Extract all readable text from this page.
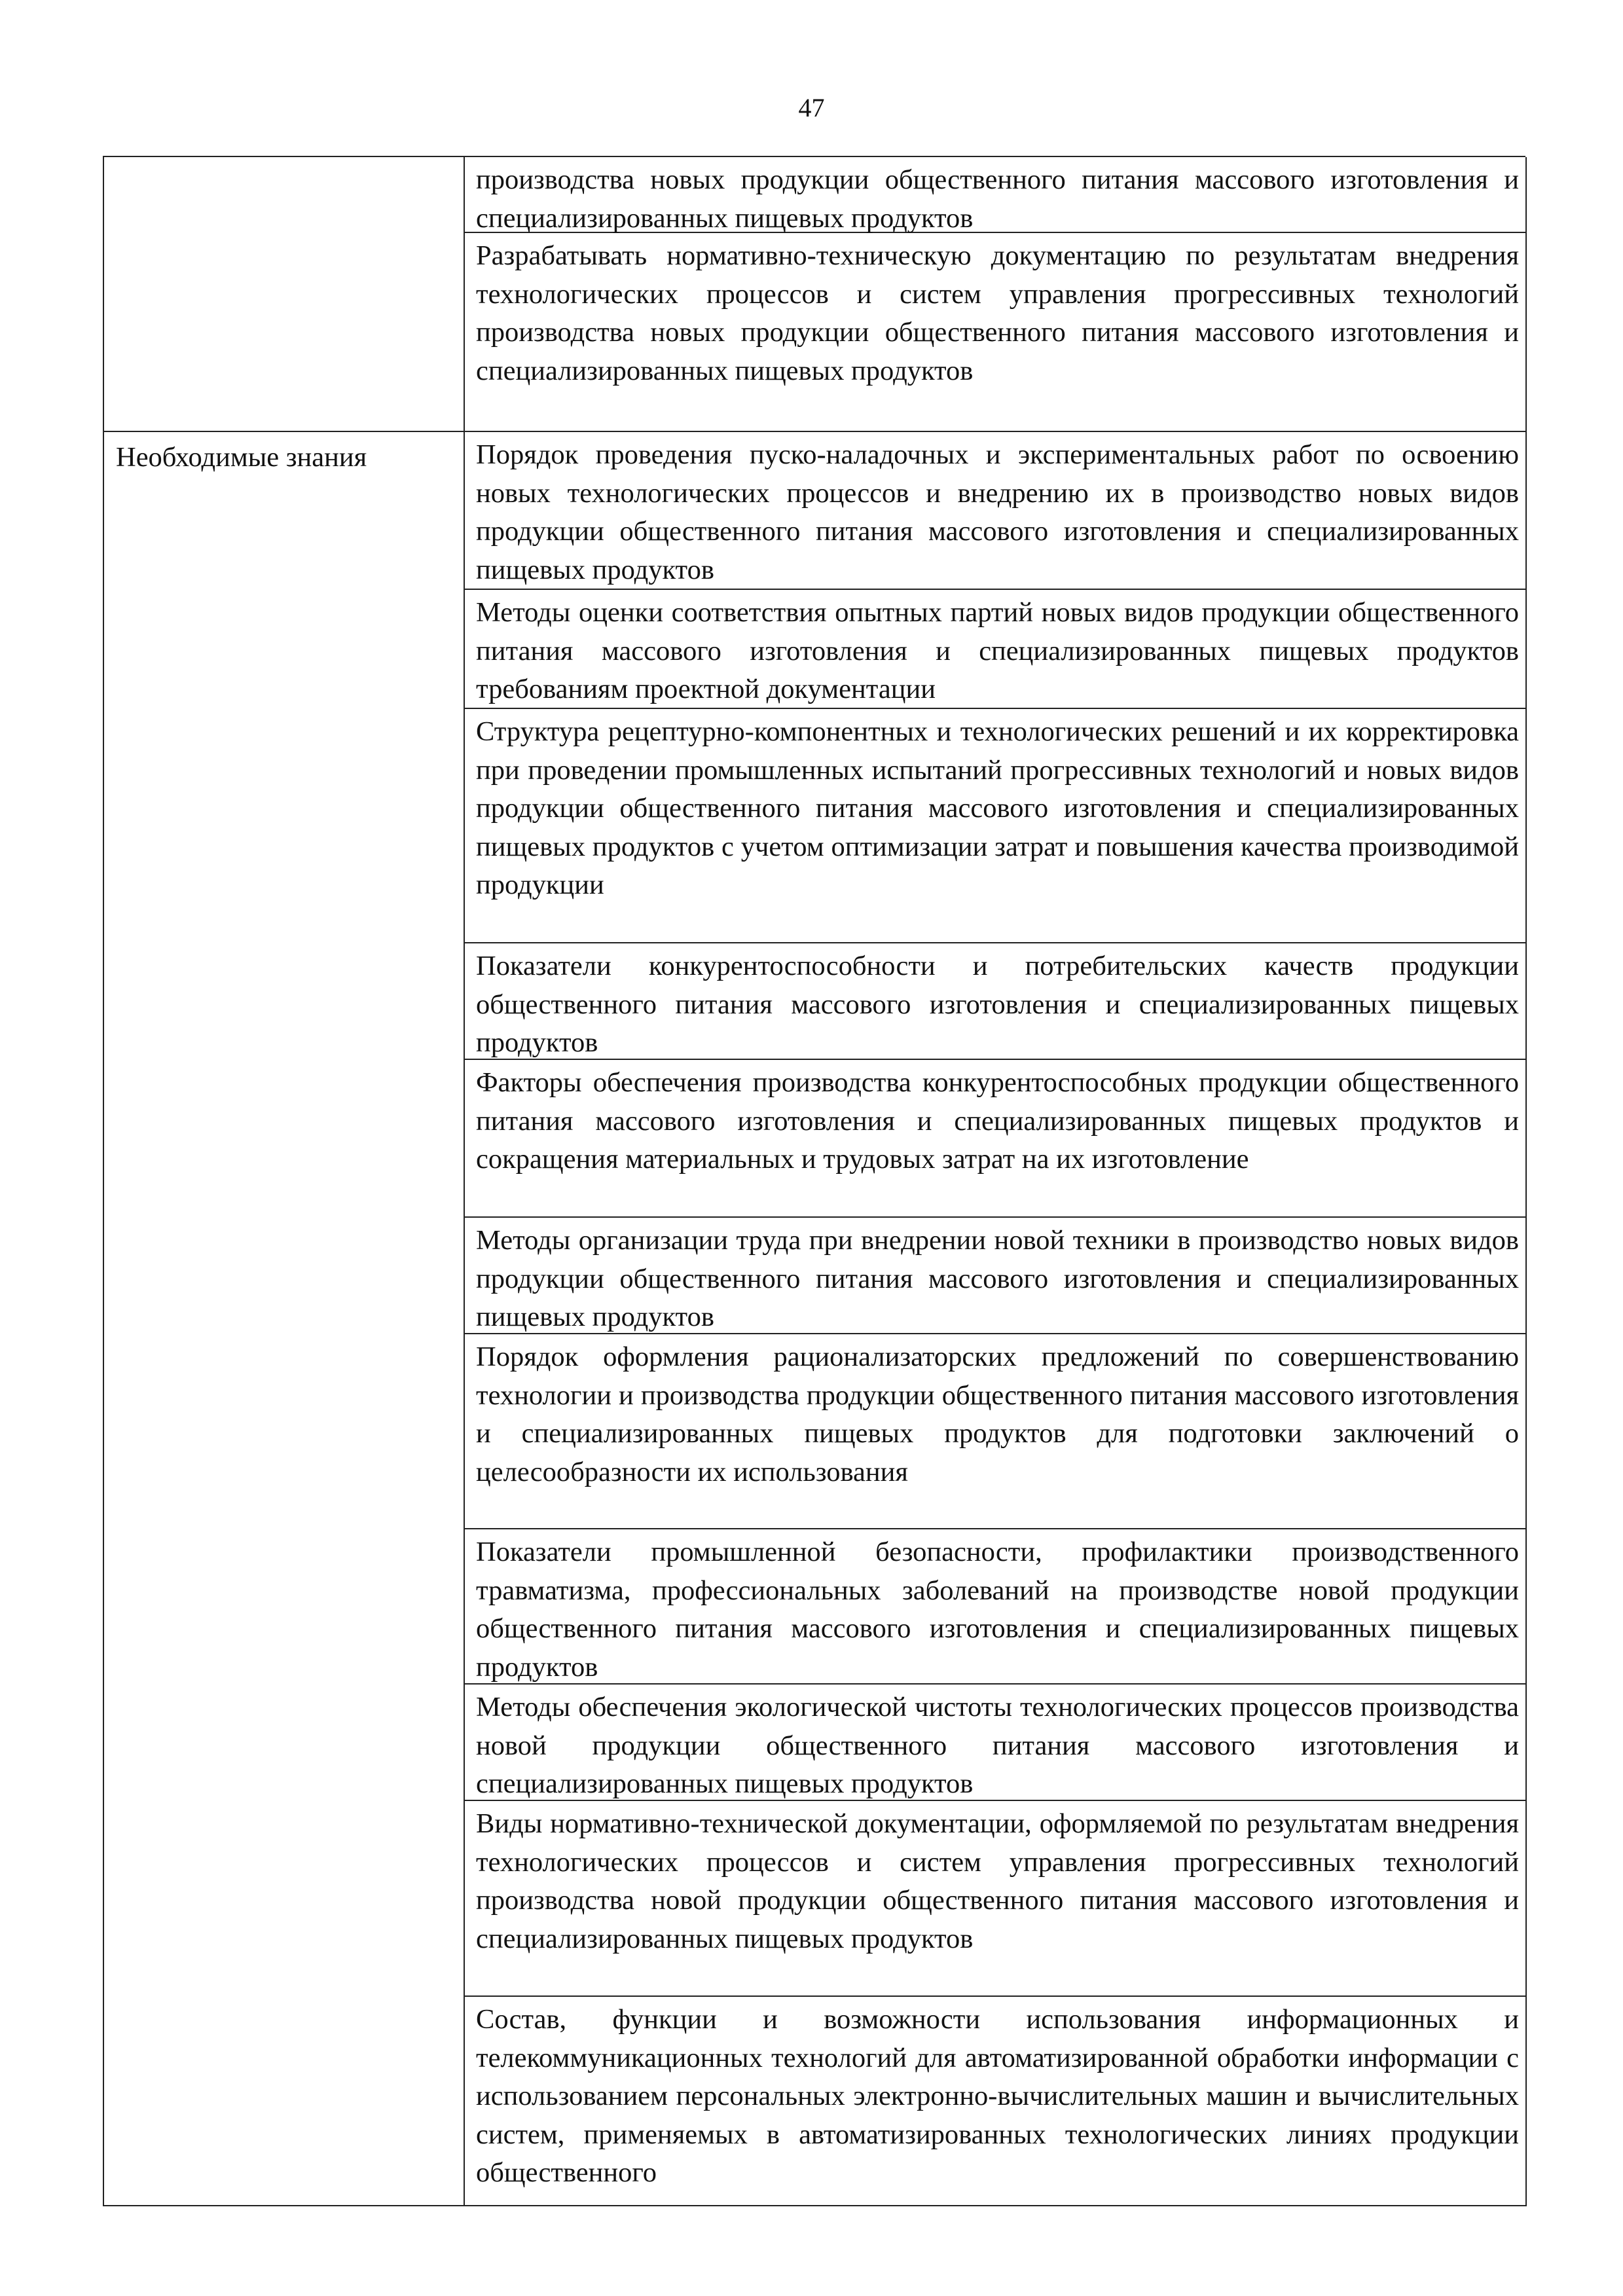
47
производства новых продукции общественного питания массового изготовления и специализированных пищевых продуктов
Разрабатывать нормативно-техническую документацию по результатам внедрения технологических процессов и систем управления прогрессивных технологий производства новых продукции общественного питания массового изготовления и специализированных пищевых продуктов
Необходимые знания	Порядок проведения пуско-наладочных и экспериментальных работ по освоению новых технологических процессов и внедрению их в производство новых видов продукции общественного питания массового изготовления и специализированных пищевых продуктов
Методы оценки соответствия опытных партий новых видов продукции общественного питания массового изготовления и специализированных пищевых продуктов требованиям проектной документации
Структура рецептурно-компонентных и технологических решений и их корректировка при проведении промышленных испытаний прогрессивных технологий и новых видов продукции общественного питания массового изготовления и специализированных пищевых продуктов с учетом оптимизации затрат и повышения качества производимой продукции
Показатели конкурентоспособности и потребительских качеств продукции общественного питания массового изготовления и специализированных пищевых продуктов
Факторы обеспечения производства конкурентоспособных продукции общественного питания массового изготовления и специализированных пищевых продуктов и сокращения материальных и трудовых затрат на их изготовление
Методы организации труда при внедрении новой техники в производство новых видов продукции общественного питания массового изготовления и специализированных пищевых продуктов
Порядок оформления рационализаторских предложений по совершенствованию технологии и производства продукции общественного питания массового изготовления и специализированных пищевых продуктов для подготовки заключений о целесообразности их использования
Показатели промышленной безопасности, профилактики производственного травматизма, профессиональных заболеваний на производстве новой продукции общественного питания массового изготовления и специализированных пищевых продуктов
Методы обеспечения экологической чистоты технологических процессов производства новой продукции общественного питания массового изготовления и специализированных пищевых продуктов
Виды нормативно-технической документации, оформляемой по результатам внедрения технологических процессов и систем управления прогрессивных технологий производства новой продукции общественного питания массового изготовления и специализированных пищевых продуктов
Состав, функции и возможности использования информационных и телекоммуникационных технологий для автоматизированной обработки информации с использованием персональных электронно-вычислительных машин и вычислительных систем, применяемых в автоматизированных технологических линиях продукции общественного
